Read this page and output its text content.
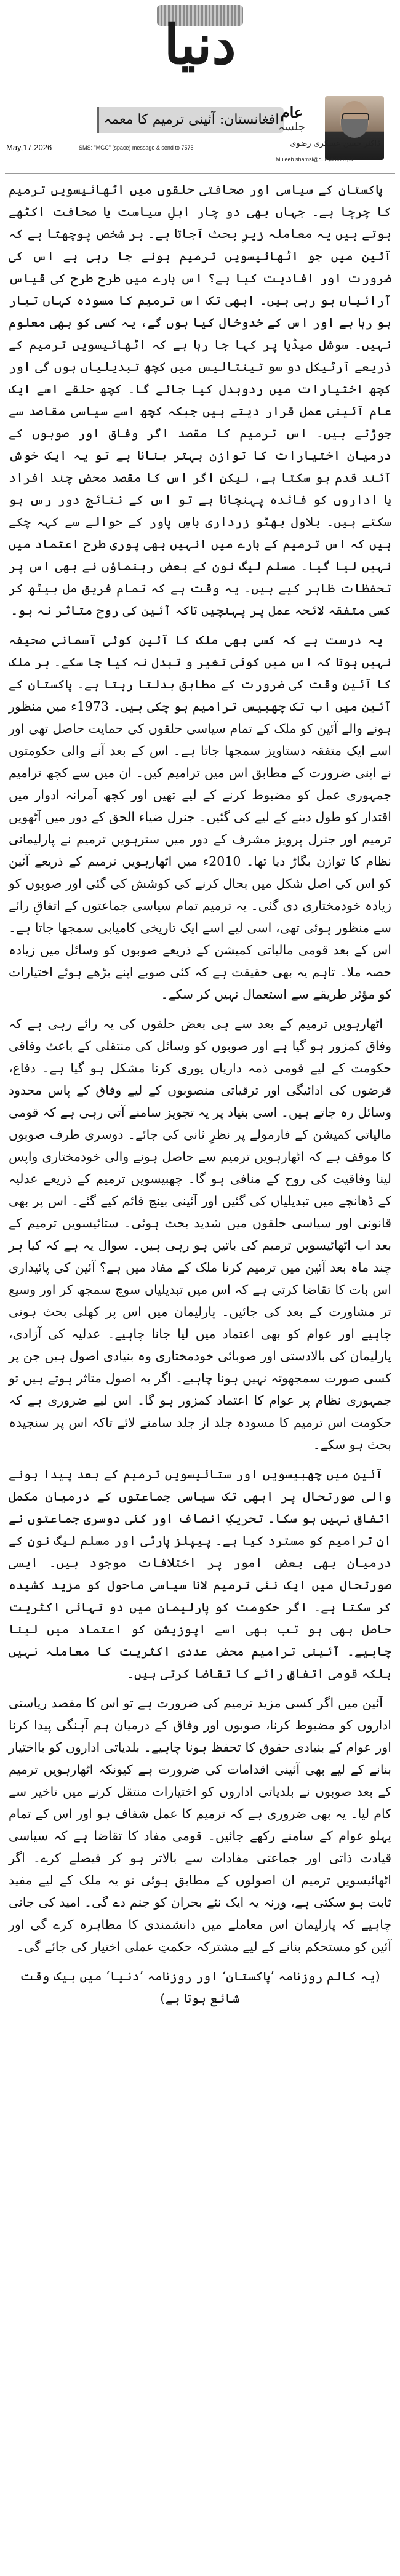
دنیا
افغانستان: آئینی ترمیم کا معمہ عام
جلسہ
ڈاکٹر حسن عسکری رضوی
May,17,2026	SMS: "MGC" (space) message & send to 7575
Mujeeb.shamsi@dunya.com.pk

پاکستان کے سیاسی اور صحافتی حلقوں میں اٹھائیسویں ترمیم کا چرچا ہے۔ جہاں بھی دو چار اہلِ سیاست یا صحافت اکٹھے ہوتے ہیں یہ معاملہ زیرِ بحث آجاتا ہے۔ ہر شخص پوچھتا ہے کہ آئین میں جو اٹھائیسویں ترمیم ہونے جا رہی ہے اس کی ضرورت اور افادیت کیا ہے؟ اس بارے میں طرح طرح کی قیاس آرائیاں ہو رہی ہیں۔ ابھی تک اس ترمیم کا مسودہ کہاں تیار ہو رہا ہے اور اس کے خدوخال کیا ہوں گے، یہ کسی کو بھی معلوم نہیں۔ سوشل میڈیا پر کہا جا رہا ہے کہ اٹھائیسویں ترمیم کے ذریعے آرٹیکل دو سو تینتالیس میں کچھ تبدیلیاں ہوں گی اور کچھ اختیارات میں ردوبدل کیا جائے گا۔ کچھ حلقے اسے ایک عام آئینی عمل قرار دیتے ہیں جبکہ کچھ اسے سیاسی مقاصد سے جوڑتے ہیں۔ اس ترمیم کا مقصد اگر وفاق اور صوبوں کے درمیان اختیارات کا توازن بہتر بنانا ہے تو یہ ایک خوش آئند قدم ہو سکتا ہے، لیکن اگر اس کا مقصد محض چند افراد یا اداروں کو فائدہ پہنچانا ہے تو اس کے نتائج دور رس ہو سکتے ہیں۔ بلاول بھٹو زرداری باسِ پاور کے حوالے سے کہہ چکے ہیں کہ اس ترمیم کے بارے میں انہیں بھی پوری طرح اعتماد میں نہیں لیا گیا۔ مسلم لیگ نون کے بعض رہنماؤں نے بھی اس پر تحفظات ظاہر کیے ہیں۔ یہ وقت ہے کہ تمام فریق مل بیٹھ کر کسی متفقہ لائحہ عمل پر پہنچیں تاکہ آئین کی روح متاثر نہ ہو۔

یہ درست ہے کہ کسی بھی ملک کا آئین کوئی آسمانی صحیفہ نہیں ہوتا کہ اس میں کوئی تغیر و تبدل نہ کیا جا سکے۔ ہر ملک کا آئین وقت کی ضرورت کے مطابق بدلتا رہتا ہے۔ پاکستان کے آئین میں اب تک چھبیس ترامیم ہو چکی ہیں۔ 1973ء میں منظور ہونے والے آئین کو ملک کے تمام سیاسی حلقوں کی حمایت حاصل تھی اور اسے ایک متفقہ دستاویز سمجھا جاتا ہے۔ اس کے بعد آنے والی حکومتوں نے اپنی ضرورت کے مطابق اس میں ترامیم کیں۔ ان میں سے کچھ ترامیم جمہوری عمل کو مضبوط کرنے کے لیے تھیں اور کچھ آمرانہ ادوار میں اقتدار کو طول دینے کے لیے کی گئیں۔ جنرل ضیاء الحق کے دور میں آٹھویں ترمیم اور جنرل پرویز مشرف کے دور میں سترہویں ترمیم نے پارلیمانی نظام کا توازن بگاڑ دیا تھا۔ 2010ء میں اٹھارہویں ترمیم کے ذریعے آئین کو اس کی اصل شکل میں بحال کرنے کی کوشش کی گئی اور صوبوں کو زیادہ خودمختاری دی گئی۔ یہ ترمیم تمام سیاسی جماعتوں کے اتفاقِ رائے سے منظور ہوئی تھی، اسی لیے اسے ایک تاریخی کامیابی سمجھا جاتا ہے۔ اس کے بعد قومی مالیاتی کمیشن کے ذریعے صوبوں کو وسائل میں زیادہ حصہ ملا۔ تاہم یہ بھی حقیقت ہے کہ کئی صوبے اپنے بڑھے ہوئے اختیارات کو مؤثر طریقے سے استعمال نہیں کر سکے۔

اٹھارہویں ترمیم کے بعد سے ہی بعض حلقوں کی یہ رائے رہی ہے کہ وفاق کمزور ہو گیا ہے اور صوبوں کو وسائل کی منتقلی کے باعث وفاقی حکومت کے لیے قومی ذمہ داریاں پوری کرنا مشکل ہو گیا ہے۔ دفاع، قرضوں کی ادائیگی اور ترقیاتی منصوبوں کے لیے وفاق کے پاس محدود وسائل رہ جاتے ہیں۔ اسی بنیاد پر یہ تجویز سامنے آتی رہی ہے کہ قومی مالیاتی کمیشن کے فارمولے پر نظرِ ثانی کی جائے۔ دوسری طرف صوبوں کا موقف ہے کہ اٹھارہویں ترمیم سے حاصل ہونے والی خودمختاری واپس لینا وفاقیت کی روح کے منافی ہو گا۔ چھبیسویں ترمیم کے ذریعے عدلیہ کے ڈھانچے میں تبدیلیاں کی گئیں اور آئینی بینچ قائم کیے گئے۔ اس پر بھی قانونی اور سیاسی حلقوں میں شدید بحث ہوئی۔ ستائیسویں ترمیم کے بعد اب اٹھائیسویں ترمیم کی باتیں ہو رہی ہیں۔ سوال یہ ہے کہ کیا ہر چند ماہ بعد آئین میں ترمیم کرنا ملک کے مفاد میں ہے؟ آئین کی پائیداری اس بات کا تقاضا کرتی ہے کہ اس میں تبدیلیاں سوچ سمجھ کر اور وسیع تر مشاورت کے بعد کی جائیں۔ پارلیمان میں اس پر کھلی بحث ہونی چاہیے اور عوام کو بھی اعتماد میں لیا جانا چاہیے۔ عدلیہ کی آزادی، پارلیمان کی بالادستی اور صوبائی خودمختاری وہ بنیادی اصول ہیں جن پر کسی صورت سمجھوتہ نہیں ہونا چاہیے۔ اگر یہ اصول متاثر ہوتے ہیں تو جمہوری نظام پر عوام کا اعتماد کمزور ہو گا۔ اس لیے ضروری ہے کہ حکومت اس ترمیم کا مسودہ جلد از جلد سامنے لائے تاکہ اس پر سنجیدہ بحث ہو سکے۔

آئین میں چھبیسویں اور ستائیسویں ترمیم کے بعد پیدا ہونے والی صورتحال پر ابھی تک سیاسی جماعتوں کے درمیان مکمل اتفاق نہیں ہو سکا۔ تحریکِ انصاف اور کئی دوسری جماعتوں نے ان ترامیم کو مسترد کیا ہے۔ پیپلز پارٹی اور مسلم لیگ نون کے درمیان بھی بعض امور پر اختلافات موجود ہیں۔ ایسی صورتحال میں ایک نئی ترمیم لانا سیاسی ماحول کو مزید کشیدہ کر سکتا ہے۔ اگر حکومت کو پارلیمان میں دو تہائی اکثریت حاصل بھی ہو تب بھی اسے اپوزیشن کو اعتماد میں لینا چاہیے۔ آئینی ترامیم محض عددی اکثریت کا معاملہ نہیں بلکہ قومی اتفاقِ رائے کا تقاضا کرتی ہیں۔

آئین میں اگر کسی مزید ترمیم کی ضرورت ہے تو اس کا مقصد ریاستی اداروں کو مضبوط کرنا، صوبوں اور وفاق کے درمیان ہم آہنگی پیدا کرنا اور عوام کے بنیادی حقوق کا تحفظ ہونا چاہیے۔ بلدیاتی اداروں کو بااختیار بنانے کے لیے بھی آئینی اقدامات کی ضرورت ہے کیونکہ اٹھارہویں ترمیم کے بعد صوبوں نے بلدیاتی اداروں کو اختیارات منتقل کرنے میں تاخیر سے کام لیا۔ یہ بھی ضروری ہے کہ ترمیم کا عمل شفاف ہو اور اس کے تمام پہلو عوام کے سامنے رکھے جائیں۔ قومی مفاد کا تقاضا ہے کہ سیاسی قیادت ذاتی اور جماعتی مفادات سے بالاتر ہو کر فیصلے کرے۔ اگر اٹھائیسویں ترمیم ان اصولوں کے مطابق ہوئی تو یہ ملک کے لیے مفید ثابت ہو سکتی ہے، ورنہ یہ ایک نئے بحران کو جنم دے گی۔ امید کی جانی چاہیے کہ پارلیمان اس معاملے میں دانشمندی کا مظاہرہ کرے گی اور آئین کو مستحکم بنانے کے لیے مشترکہ حکمتِ عملی اختیار کی جائے گی۔

(یہ کالم روزنامہ ’پاکستان‘ اور روزنامہ ’دنیا‘ میں بیک وقت شائع ہوتا ہے)
